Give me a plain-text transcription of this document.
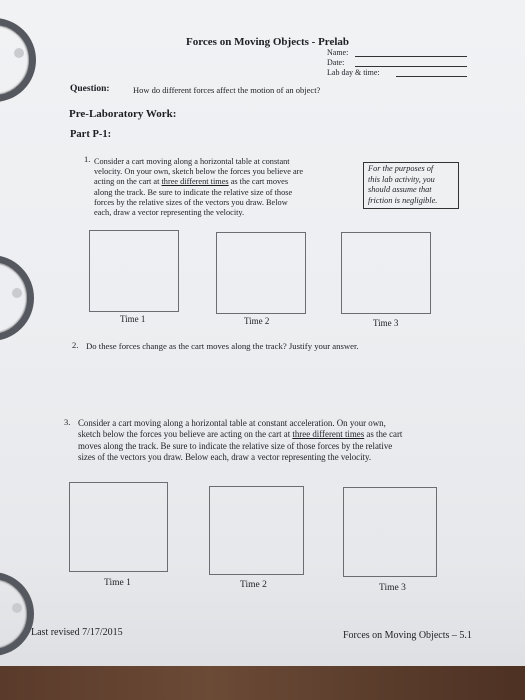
Forces on Moving Objects - Prelab
Name:
Date:
Lab day & time:
Question:	How do different forces affect the motion of an object?
Pre-Laboratory Work:
Part P-1:
1. Consider a cart moving along a horizontal table at constant
velocity. On your own, sketch below the forces you believe are
acting on the cart at three different times as the cart moves
along the track. Be sure to indicate the relative size of those
forces by the relative sizes of the vectors you draw. Below
each, draw a vector representing the velocity.
For the purposes of
this lab activity, you
should assume that
friction is negligible.
Time 1	Time 2	Time 3
2. Do these forces change as the cart moves along the track? Justify your answer.
3. Consider a cart moving along a horizontal table at constant acceleration. On your own,
sketch below the forces you believe are acting on the cart at three different times as the cart
moves along the track. Be sure to indicate the relative size of those forces by the relative
sizes of the vectors you draw. Below each, draw a vector representing the velocity.
Time 1	Time 2	Time 3
Last revised 7/17/2015	Forces on Moving Objects – 5.1
